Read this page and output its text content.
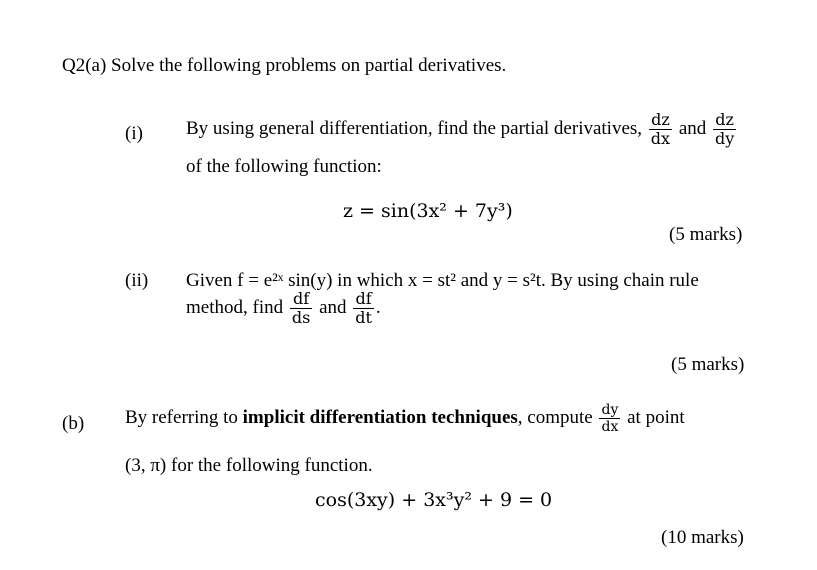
Q2(a) Solve the following problems on partial derivatives.
(i) By using general differentiation, find the partial derivatives, $\frac{dz}{dx}$ and $\frac{dz}{dy}$
of the following function:
z = sin(3x² + 7y³)
(5 marks)
(ii) Given f = e²ˣ sin(y) in which x = st² and y = s²t. By using chain rule
method, find $\frac{df}{ds}$ and $\frac{df}{dt}$ .
(5 marks)
(b) By referring to implicit differentiation techniques, compute $\frac{dy}{dx}$ at point
(3, π) for the following function.
cos(3xy) + 3x³y² + 9 = 0
(10 marks)
